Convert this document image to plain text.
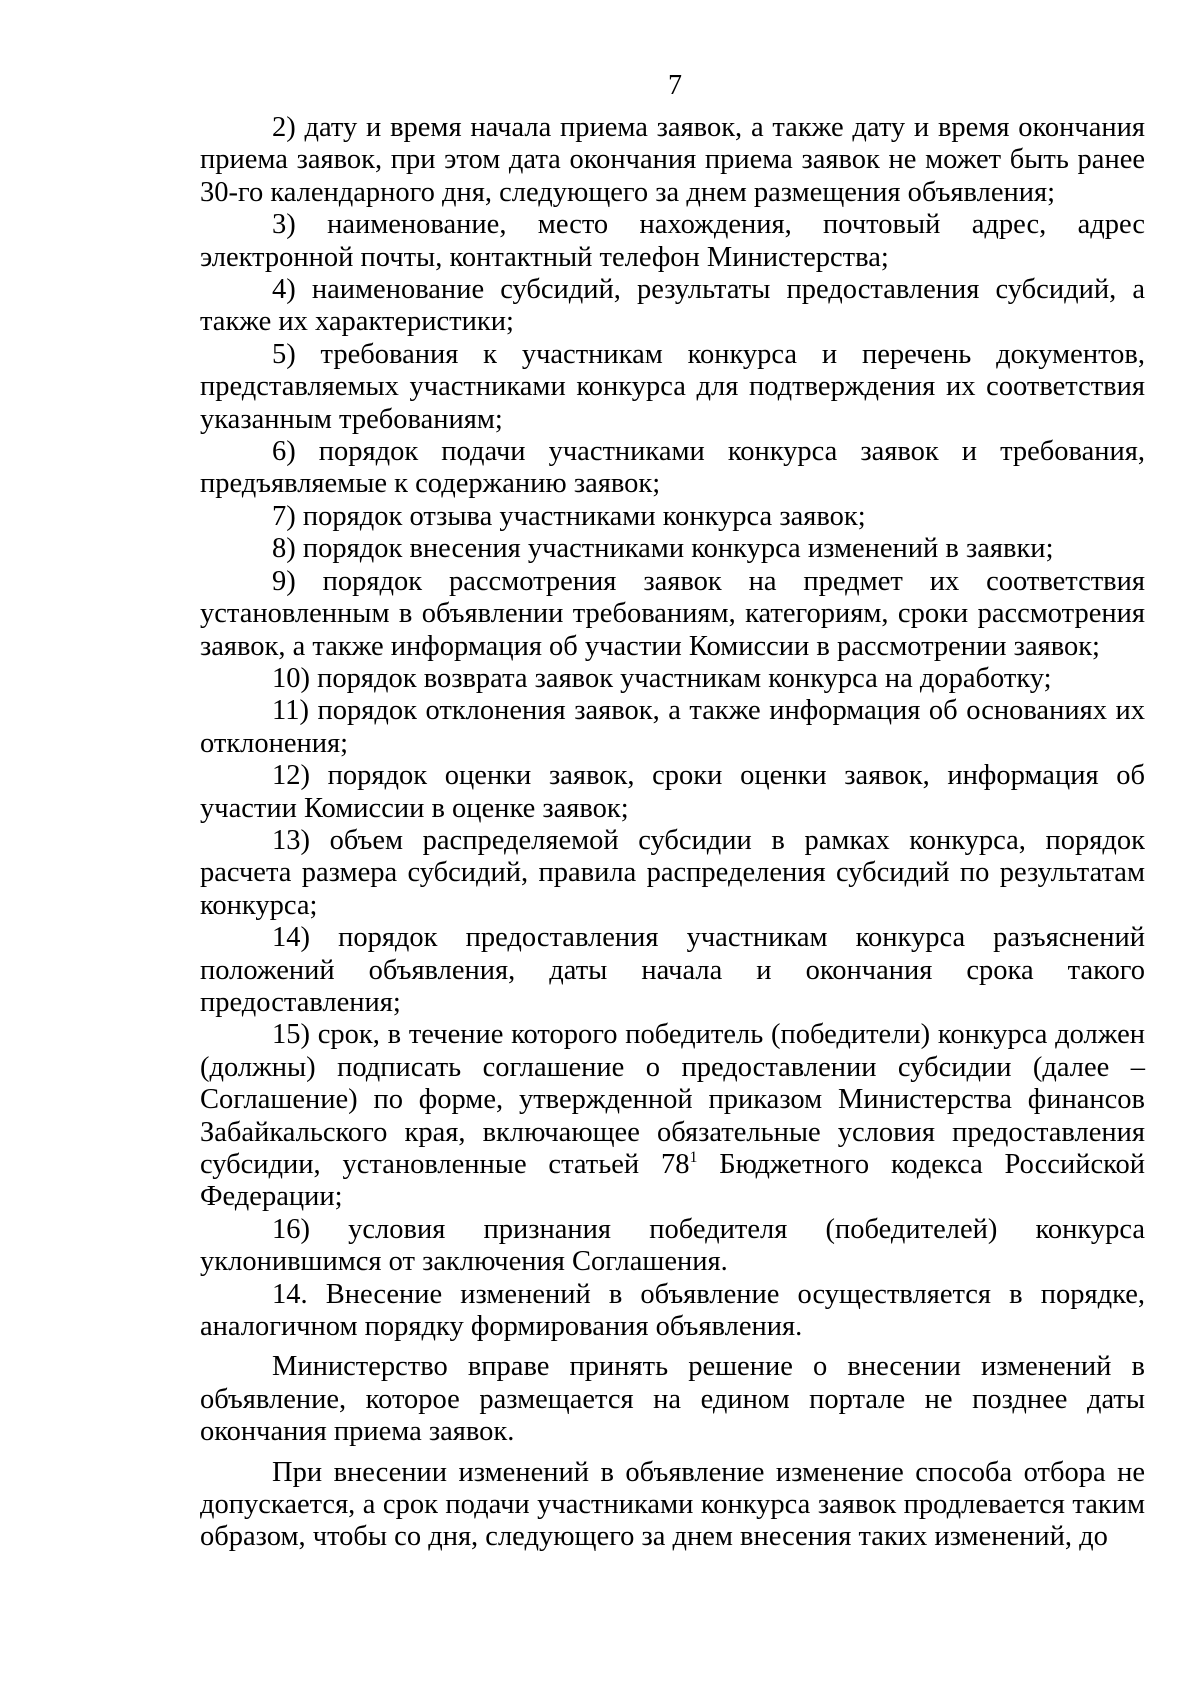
7

2) дату и время начала приема заявок, а также дату и время окончания приема заявок, при этом дата окончания приема заявок не может быть ранее 30-го календарного дня, следующего за днем размещения объявления;

3) наименование, место нахождения, почтовый адрес, адрес электронной почты, контактный телефон Министерства;

4) наименование субсидий, результаты предоставления субсидий, а также их характеристики;

5) требования к участникам конкурса и перечень документов, представляемых участниками конкурса для подтверждения их соответствия указанным требованиям;

6) порядок подачи участниками конкурса заявок и требования, предъявляемые к содержанию заявок;

7) порядок отзыва участниками конкурса заявок;

8) порядок внесения участниками конкурса изменений в заявки;

9) порядок рассмотрения заявок на предмет их соответствия установленным в объявлении требованиям, категориям, сроки рассмотрения заявок, а также информация об участии Комиссии в рассмотрении заявок;

10) порядок возврата заявок участникам конкурса на доработку;

11) порядок отклонения заявок, а также информация об основаниях их отклонения;

12) порядок оценки заявок, сроки оценки заявок, информация об участии Комиссии в оценке заявок;

13) объем распределяемой субсидии в рамках конкурса, порядок расчета размера субсидий, правила распределения субсидий по результатам конкурса;

14) порядок предоставления участникам конкурса разъяснений положений объявления, даты начала и окончания срока такого предоставления;

15) срок, в течение которого победитель (победители) конкурса должен (должны) подписать соглашение о предоставлении субсидии (далее – Соглашение) по форме, утвержденной приказом Министерства финансов Забайкальского края, включающее обязательные условия предоставления субсидии, установленные статьей $78^1$ Бюджетного кодекса Российской Федерации;

16) условия признания победителя (победителей) конкурса уклонившимся от заключения Соглашения.

14. Внесение изменений в объявление осуществляется в порядке, аналогичном порядку формирования объявления.

Министерство вправе принять решение о внесении изменений в объявление, которое размещается на едином портале не позднее даты окончания приема заявок.

При внесении изменений в объявление изменение способа отбора не допускается, а срок подачи участниками конкурса заявок продлевается таким образом, чтобы со дня, следующего за днем внесения таких изменений, до
